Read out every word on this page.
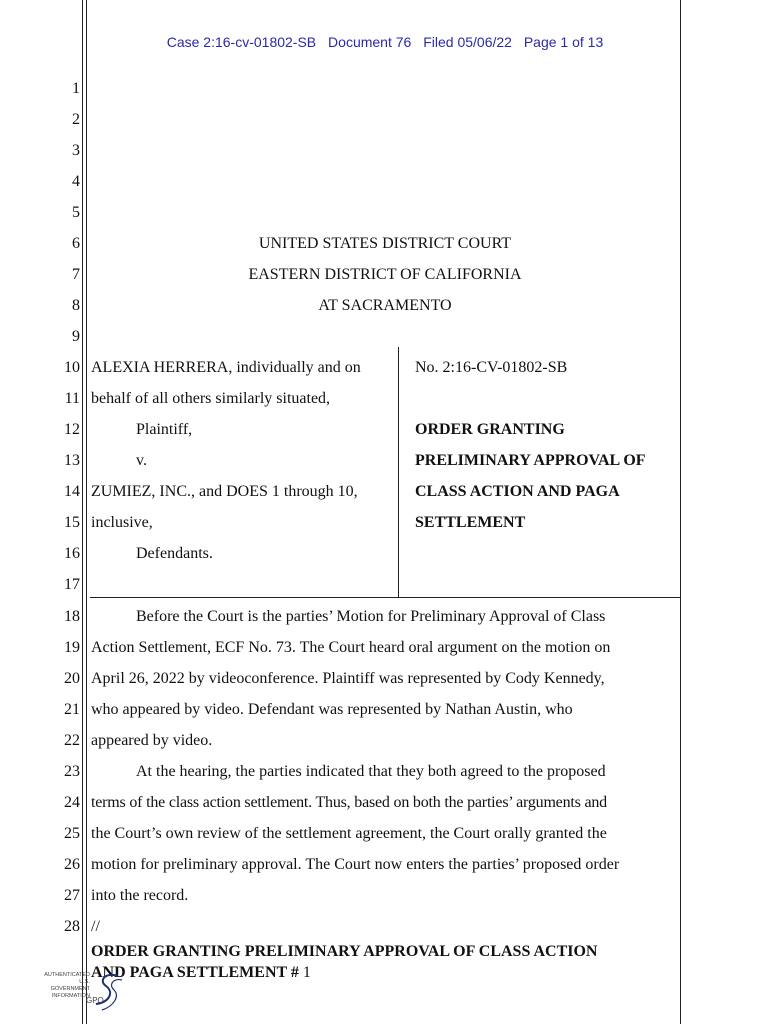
Case 2:16-cv-01802-SB Document 76 Filed 05/06/22 Page 1 of 13
1
2
3
4
5
6
7
8
9
10
11
12
13
14
15
16
17
18
19
20
21
22
23
24
25
26
27
28
UNITED STATES DISTRICT COURT
EASTERN DISTRICT OF CALIFORNIA
AT SACRAMENTO
ALEXIA HERRERA, individually and on
behalf of all others similarly situated,
Plaintiff,
v.
ZUMIEZ, INC., and DOES 1 through 10,
inclusive,
Defendants.
No. 2:16-CV-01802-SB
ORDER GRANTING
PRELIMINARY APPROVAL OF
CLASS ACTION AND PAGA
SETTLEMENT
Before the Court is the parties’ Motion for Preliminary Approval of Class
Action Settlement, ECF No. 73. The Court heard oral argument on the motion on
April 26, 2022 by videoconference. Plaintiff was represented by Cody Kennedy,
who appeared by video. Defendant was represented by Nathan Austin, who
appeared by video.
At the hearing, the parties indicated that they both agreed to the proposed
terms of the class action settlement. Thus, based on both the parties’ arguments and
the Court’s own review of the settlement agreement, the Court orally granted the
motion for preliminary approval. The Court now enters the parties’ proposed order
into the record.
//
ORDER GRANTING PRELIMINARY APPROVAL OF CLASS ACTION
AND PAGA SETTLEMENT # 1
AUTHENTICATED
U.S. GOVERNMENT
INFORMATION
GPO
